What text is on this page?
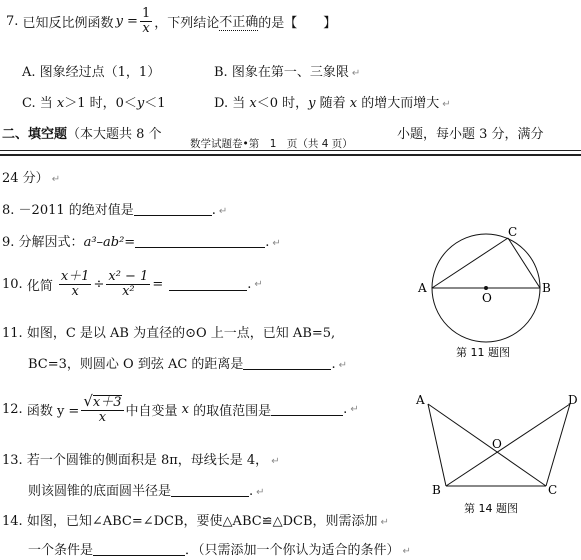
7.
已知反比例函数 $y = \frac{1}{x}$ ，下列结论 不正确 的是【 】
A. 图象经过点（1，1）	B. 图象在第一、三象限 ↵
C. 当 x＞1 时，0＜y＜1	D. 当 x＜0 时，y 随着 x 的增大而增大 ↵
二、填空题（本大题共 8 个	小题，每小题 3 分，满分
数学试题卷•第　1　页（共 4 页）
24 分） ↵
8. －2011 的绝对值是	. ↵
9. 分解因式：a³–ab²=	. ↵
10.
化简 $\frac{x+1}{x} \div \frac{\text{x² − 1}}{\text{x²}}$ =	. ↵
11. 如图，C 是以 AB 为直径的⊙O 上一点，已知 AB=5,
BC=3，则圆心 O 到弦 AC 的距离是	. ↵
A	B
C
O
第 11 题图
12.
函数 $y = \frac{√ x+3}{x}$ 中自变量
x
的取值范围是	. ↵
13. 若一个圆锥的侧面积是 8π，母线长是 4， ↵
则该圆锥的底面圆半径是	. ↵
A
B	C
D
O
第 14 题图
14. 如图，已知∠ABC=∠DCB，要使△ABC≌△DCB，则需添加 ↵
一个条件是	．（只需添加一个你认为适合的条件） ↵
